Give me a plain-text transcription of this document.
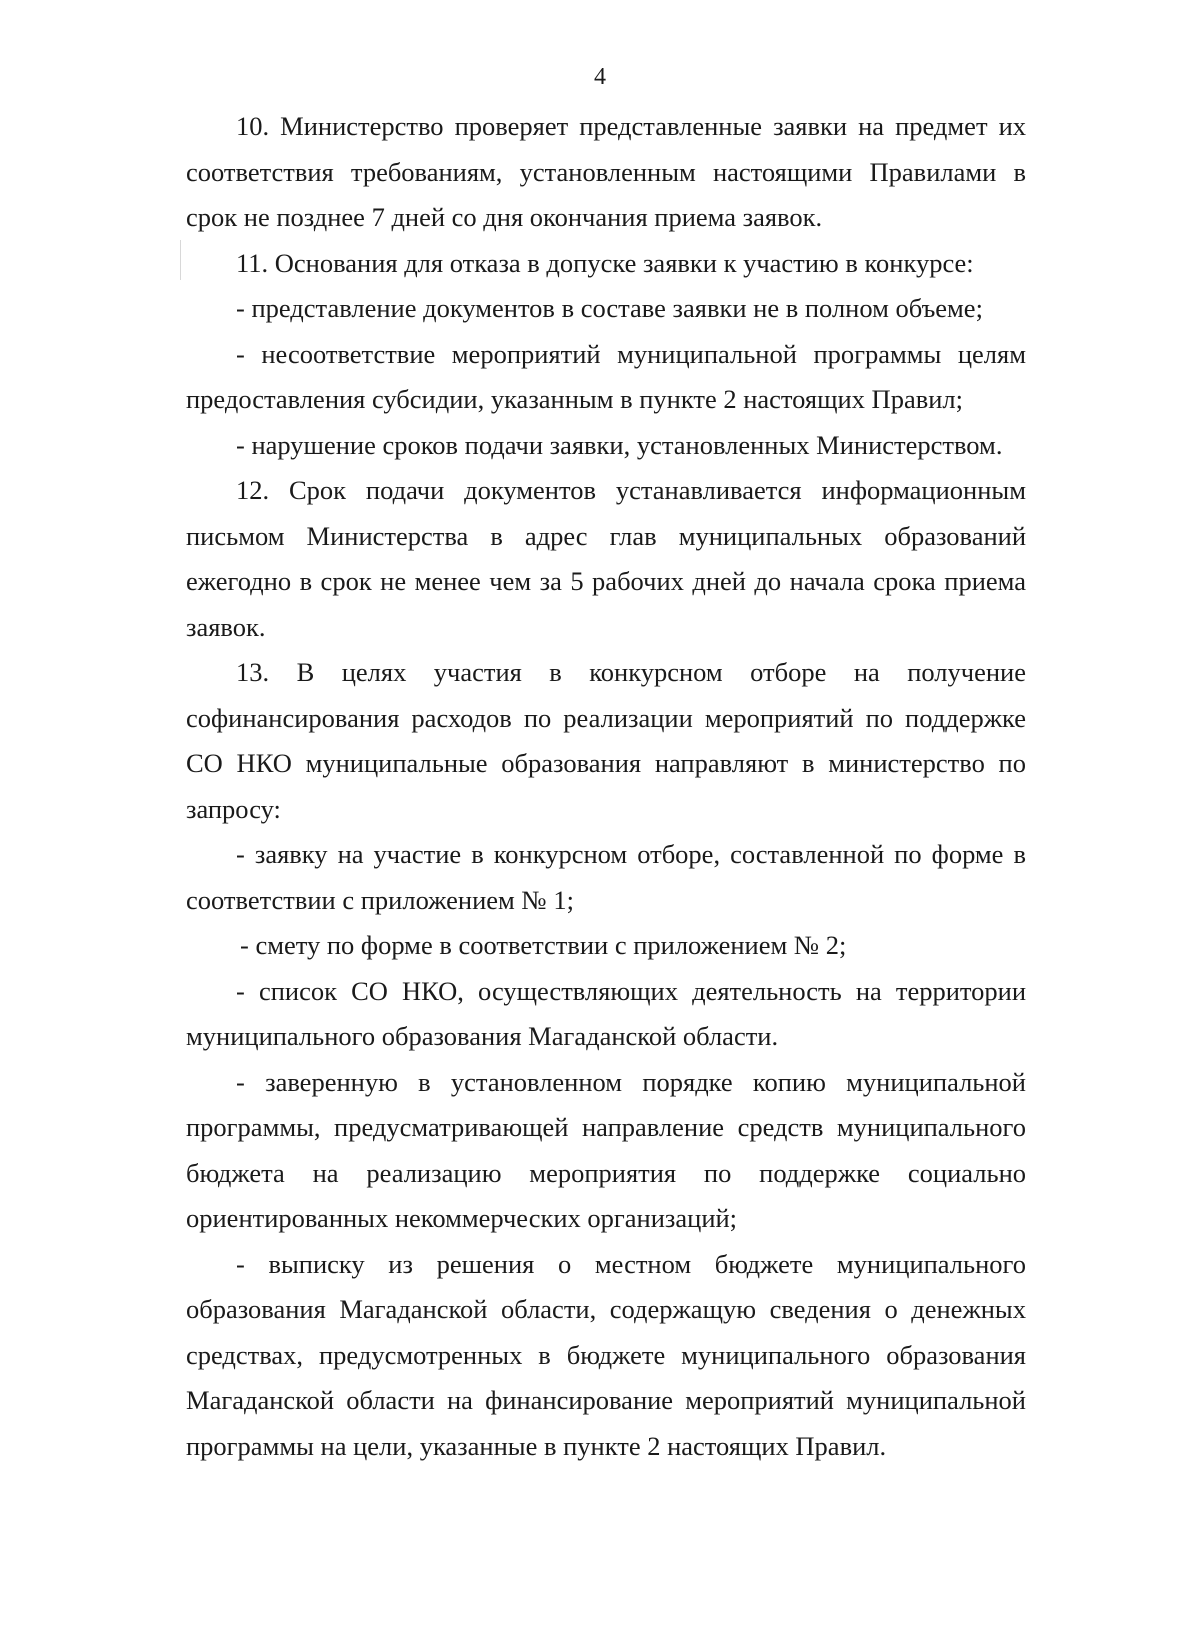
4

10. Министерство проверяет представленные заявки на предмет их соответствия требованиям, установленным настоящими Правилами в срок не позднее 7 дней со дня окончания приема заявок.

11. Основания для отказа в допуске заявки к участию в конкурсе:

- представление документов в составе заявки не в полном объеме;

- несоответствие мероприятий муниципальной программы целям предоставления субсидии, указанным в пункте 2 настоящих Правил;

- нарушение сроков подачи заявки, установленных Министерством.

12. Срок подачи документов устанавливается информационным письмом Министерства в адрес глав муниципальных образований ежегодно в срок не менее чем за 5 рабочих дней до начала срока приема заявок.

13. В целях участия в конкурсном отборе на получение софинансирования расходов по реализации мероприятий по поддержке СО НКО муниципальные образования направляют в министерство по запросу:

- заявку на участие в конкурсном отборе, составленной по форме в соответствии с приложением № 1;

- смету по форме в соответствии с приложением № 2;

- список СО НКО, осуществляющих деятельность на территории муниципального образования Магаданской области.

- заверенную в установленном порядке копию муниципальной программы, предусматривающей направление средств муниципального бюджета на реализацию мероприятия по поддержке социально ориентированных некоммерческих организаций;

- выписку из решения о местном бюджете муниципального образования Магаданской области, содержащую сведения о денежных средствах, предусмотренных в бюджете муниципального образования Магаданской области на финансирование мероприятий муниципальной программы на цели, указанные в пункте 2 настоящих Правил.
